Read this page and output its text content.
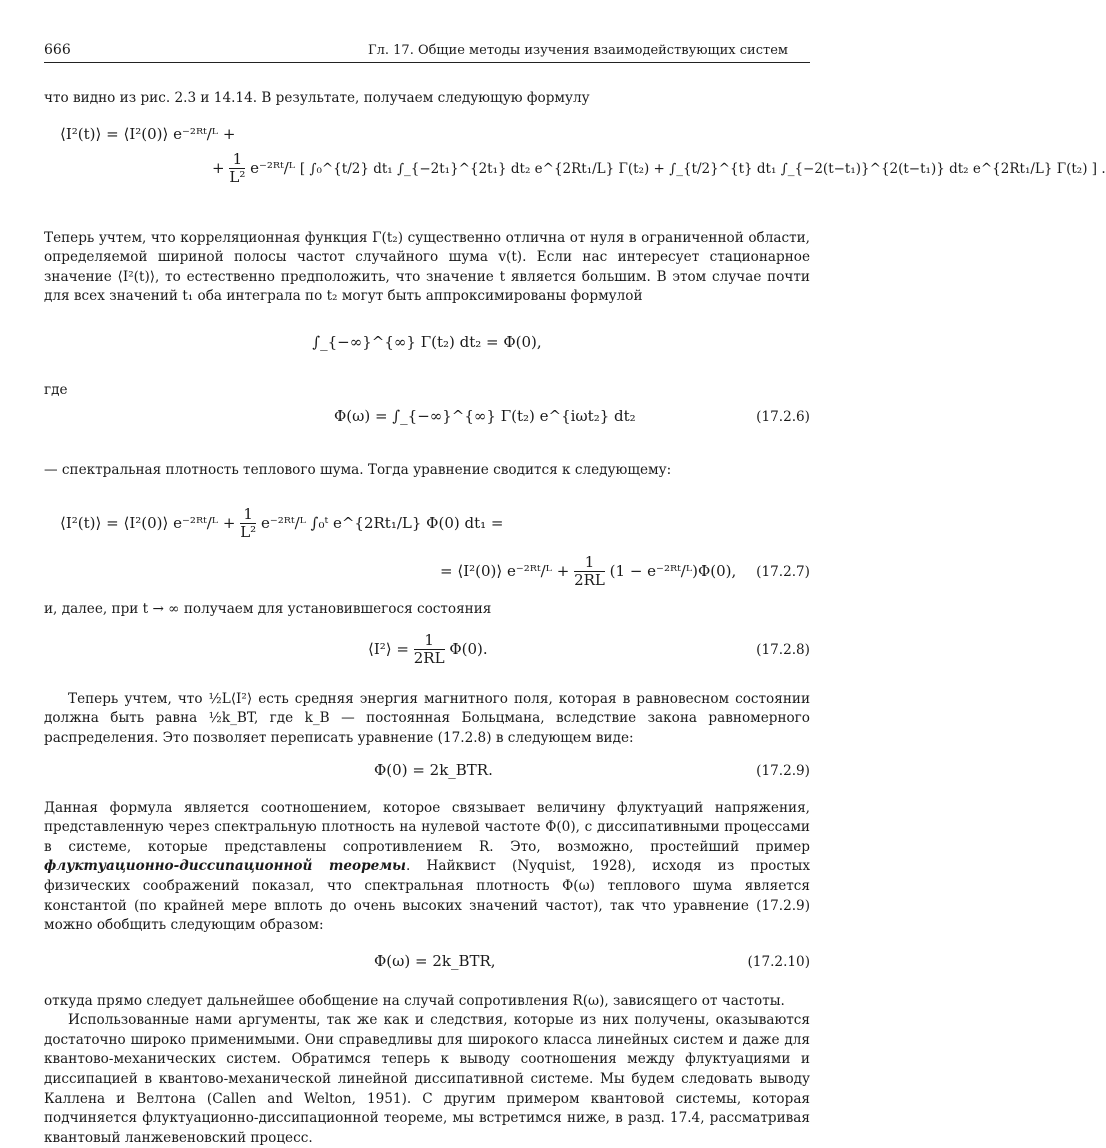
666	Гл. 17. Общие методы изучения взаимодействующих систем

что видно из рис. 2.3 и 14.14. В результате, получаем следующую формулу

⟨I²(t)⟩ = ⟨I²(0)⟩ e⁻²ᴿᵗ/ᴸ +
+ $\frac{1}{\text{L²}}$ e⁻²ᴿᵗ/ᴸ [ ∫₀^{t/2} dt₁ ∫_{−2t₁}^{2t₁} dt₂ e^{2Rt₁/L} Γ(t₂) + ∫_{t/2}^{t} dt₁ ∫_{−2(t−t₁)}^{2(t−t₁)} dt₂ e^{2Rt₁/L} Γ(t₂) ] .

Теперь учтем, что корреляционная функция Γ(t₂) существенно отлична от нуля в ограниченной области, определяемой шириной полосы частот случайного шума v(t). Если нас интересует стационарное значение ⟨I²(t)⟩, то естественно предположить, что значение t является большим. В этом случае почти для всех значений t₁ оба интеграла по t₂ могут быть аппроксимированы формулой

∫_{−∞}^{∞} Γ(t₂) dt₂ = Φ(0),

где

Φ(ω) = ∫_{−∞}^{∞} Γ(t₂) e^{iωt₂} dt₂	(17.2.6)

— спектральная плотность теплового шума. Тогда уравнение сводится к следующему:

⟨I²(t)⟩ = ⟨I²(0)⟩ e⁻²ᴿᵗ/ᴸ + $\frac{1}{\text{L²}}$ e⁻²ᴿᵗ/ᴸ ∫₀ᵗ e^{2Rt₁/L} Φ(0) dt₁ =
= ⟨I²(0)⟩ e⁻²ᴿᵗ/ᴸ + $\frac{1}{2RL} (1$ − e⁻²ᴿᵗ/ᴸ)Φ(0), (17.2.7)

и, далее, при t → ∞ получаем для установившегося состояния

⟨I²⟩ = $\frac{1}{2RL} \Phi(0)$.	(17.2.8)

Теперь учтем, что ½L⟨I²⟩ есть средняя энергия магнитного поля, которая в равновесном состоянии должна быть равна ½k_BT, где k_B — постоянная Больцмана, вследствие закона равномерного распределения. Это позволяет переписать уравнение (17.2.8) в следующем виде:

Φ(0) = 2k_BTR.	(17.2.9)

Данная формула является соотношением, которое связывает величину флуктуаций напряжения, представленную через спектральную плотность на нулевой частоте Φ(0), с диссипативными процессами в системе, которые представлены сопротивлением R. Это, возможно, простейший пример флуктуационно-диссипационной теоремы. Найквист (Nyquist, 1928), исходя из простых физических соображений показал, что спектральная плотность Φ(ω) теплового шума является константой (по крайней мере вплоть до очень высоких значений частот), так что уравнение (17.2.9) можно обобщить следующим образом:

Φ(ω) = 2k_BTR,	(17.2.10)

откуда прямо следует дальнейшее обобщение на случай сопротивления R(ω), зависящего от частоты.

Использованные нами аргументы, так же как и следствия, которые из них получены, оказываются достаточно широко применимыми. Они справедливы для широкого класса линейных систем и даже для квантово-механических систем. Обратимся теперь к выводу соотношения между флуктуациями и диссипацией в квантово-механической линейной диссипативной системе. Мы будем следовать выводу Каллена и Велтона (Callen and Welton, 1951). С другим примером квантовой системы, которая подчиняется флуктуационно-диссипационной теореме, мы встретимся ниже, в разд. 17.4, рассматривая квантовый ланжевеновский процесс.
